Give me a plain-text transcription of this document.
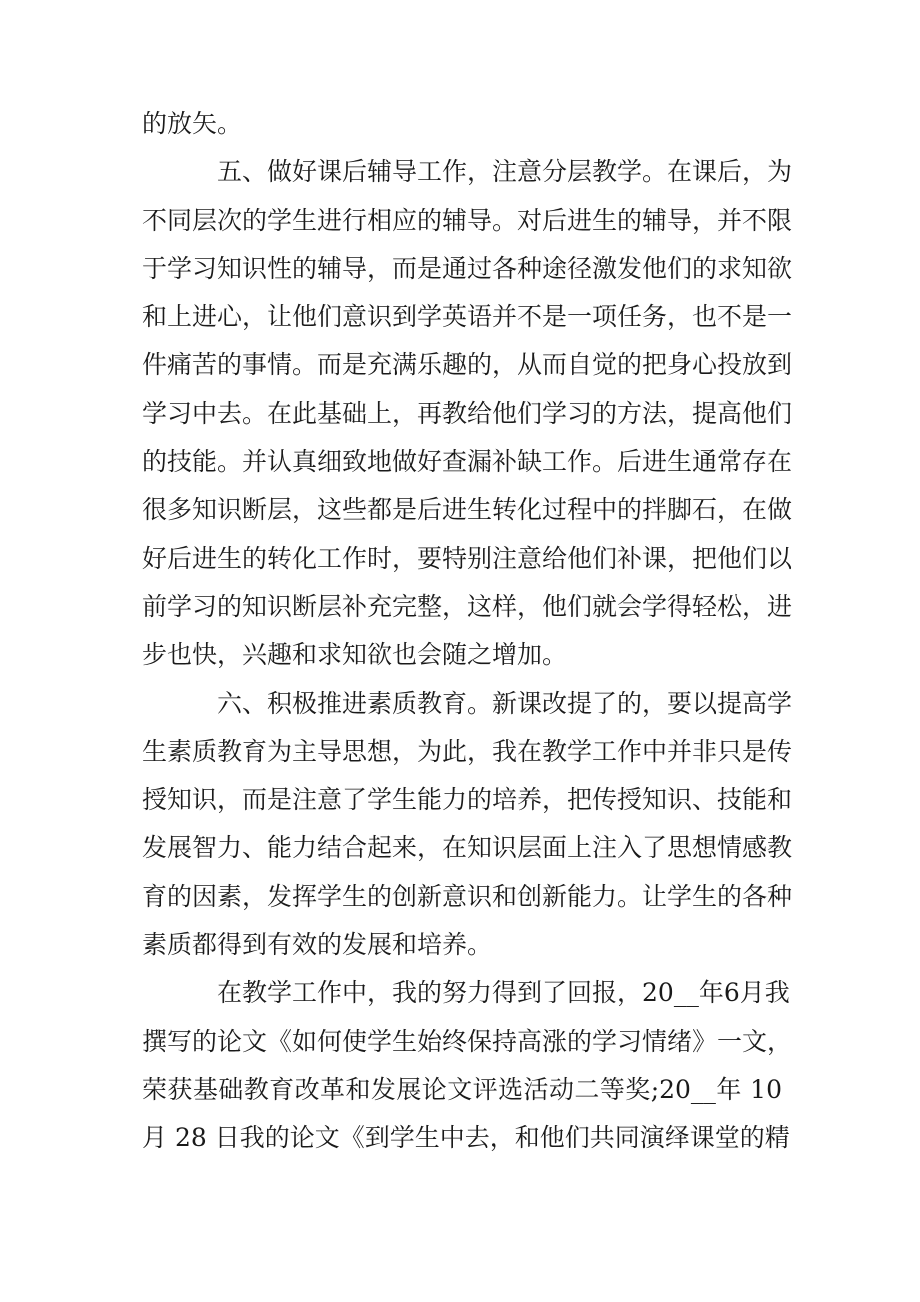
的放矢。
五、做好课后辅导工作，注意分层教学。在课后，为
不同层次的学生进行相应的辅导。对后进生的辅导，并不限
于学习知识性的辅导，而是通过各种途径激发他们的求知欲
和上进心，让他们意识到学英语并不是一项任务，也不是一
件痛苦的事情。而是充满乐趣的，从而自觉的把身心投放到
学习中去。在此基础上，再教给他们学习的方法，提高他们
的技能。并认真细致地做好查漏补缺工作。后进生通常存在
很多知识断层，这些都是后进生转化过程中的拌脚石，在做
好后进生的转化工作时，要特别注意给他们补课，把他们以
前学习的知识断层补充完整，这样，他们就会学得轻松，进
步也快，兴趣和求知欲也会随之增加。
六、积极推进素质教育。新课改提了的，要以提高学
生素质教育为主导思想，为此，我在教学工作中并非只是传
授知识，而是注意了学生能力的培养，把传授知识、技能和
发展智力、能力结合起来，在知识层面上注入了思想情感教
育的因素，发挥学生的创新意识和创新能力。让学生的各种
素质都得到有效的发展和培养。
在教学工作中，我的努力得到了回报，20__年6月我
撰写的论文《如何使学生始终保持高涨的学习情绪》一文，
荣获基础教育改革和发展论文评选活动二等奖;20__年 10
月 28 日我的论文《到学生中去，和他们共同演绎课堂的精
